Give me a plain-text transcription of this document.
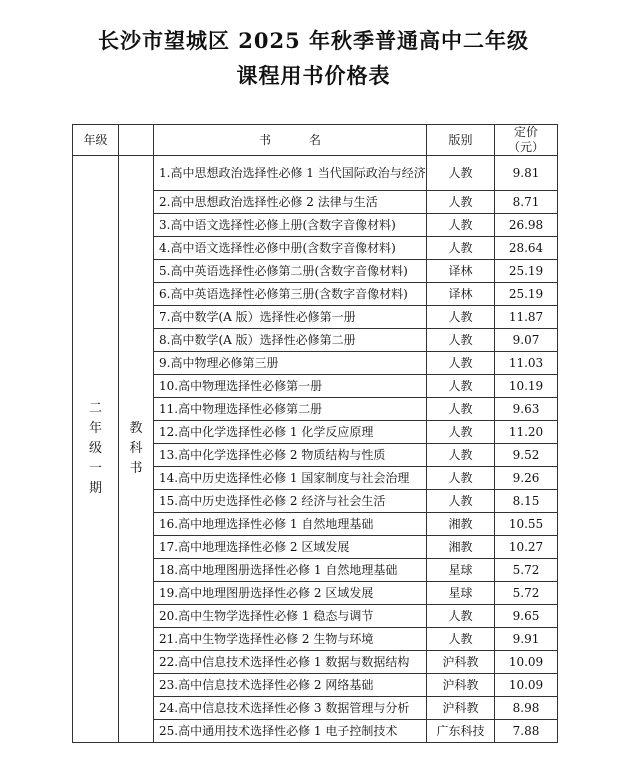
长沙市望城区 2025 年秋季普通高中二年级
课程用书价格表
年级		书名	版别	定价（元）
二年级一期	教科书	1.高中思想政治选择性必修 1 当代国际政治与经济	人教	9.81
		2.高中思想政治选择性必修 2 法律与生活	人教	8.71
		3.高中语文选择性必修上册(含数字音像材料)	人教	26.98
		4.高中语文选择性必修中册(含数字音像材料)	人教	28.64
		5.高中英语选择性必修第二册(含数字音像材料)	译林	25.19
		6.高中英语选择性必修第三册(含数字音像材料)	译林	25.19
		7.高中数学(A 版）选择性必修第一册	人教	11.87
		8.高中数学(A 版）选择性必修第二册	人教	9.07
		9.高中物理必修第三册	人教	11.03
		10.高中物理选择性必修第一册	人教	10.19
		11.高中物理选择性必修第二册	人教	9.63
		12.高中化学选择性必修 1 化学反应原理	人教	11.20
		13.高中化学选择性必修 2 物质结构与性质	人教	9.52
		14.高中历史选择性必修 1 国家制度与社会治理	人教	9.26
		15.高中历史选择性必修 2 经济与社会生活	人教	8.15
		16.高中地理选择性必修 1 自然地理基础	湘教	10.55
		17.高中地理选择性必修 2 区域发展	湘教	10.27
		18.高中地理图册选择性必修 1 自然地理基础	星球	5.72
		19.高中地理图册选择性必修 2 区域发展	星球	5.72
		20.高中生物学选择性必修 1 稳态与调节	人教	9.65
		21.高中生物学选择性必修 2 生物与环境	人教	9.91
		22.高中信息技术选择性必修 1 数据与数据结构	沪科教	10.09
		23.高中信息技术选择性必修 2 网络基础	沪科教	10.09
		24.高中信息技术选择性必修 3 数据管理与分析	沪科教	8.98
		25.高中通用技术选择性必修 1 电子控制技术	广东科技	7.88
